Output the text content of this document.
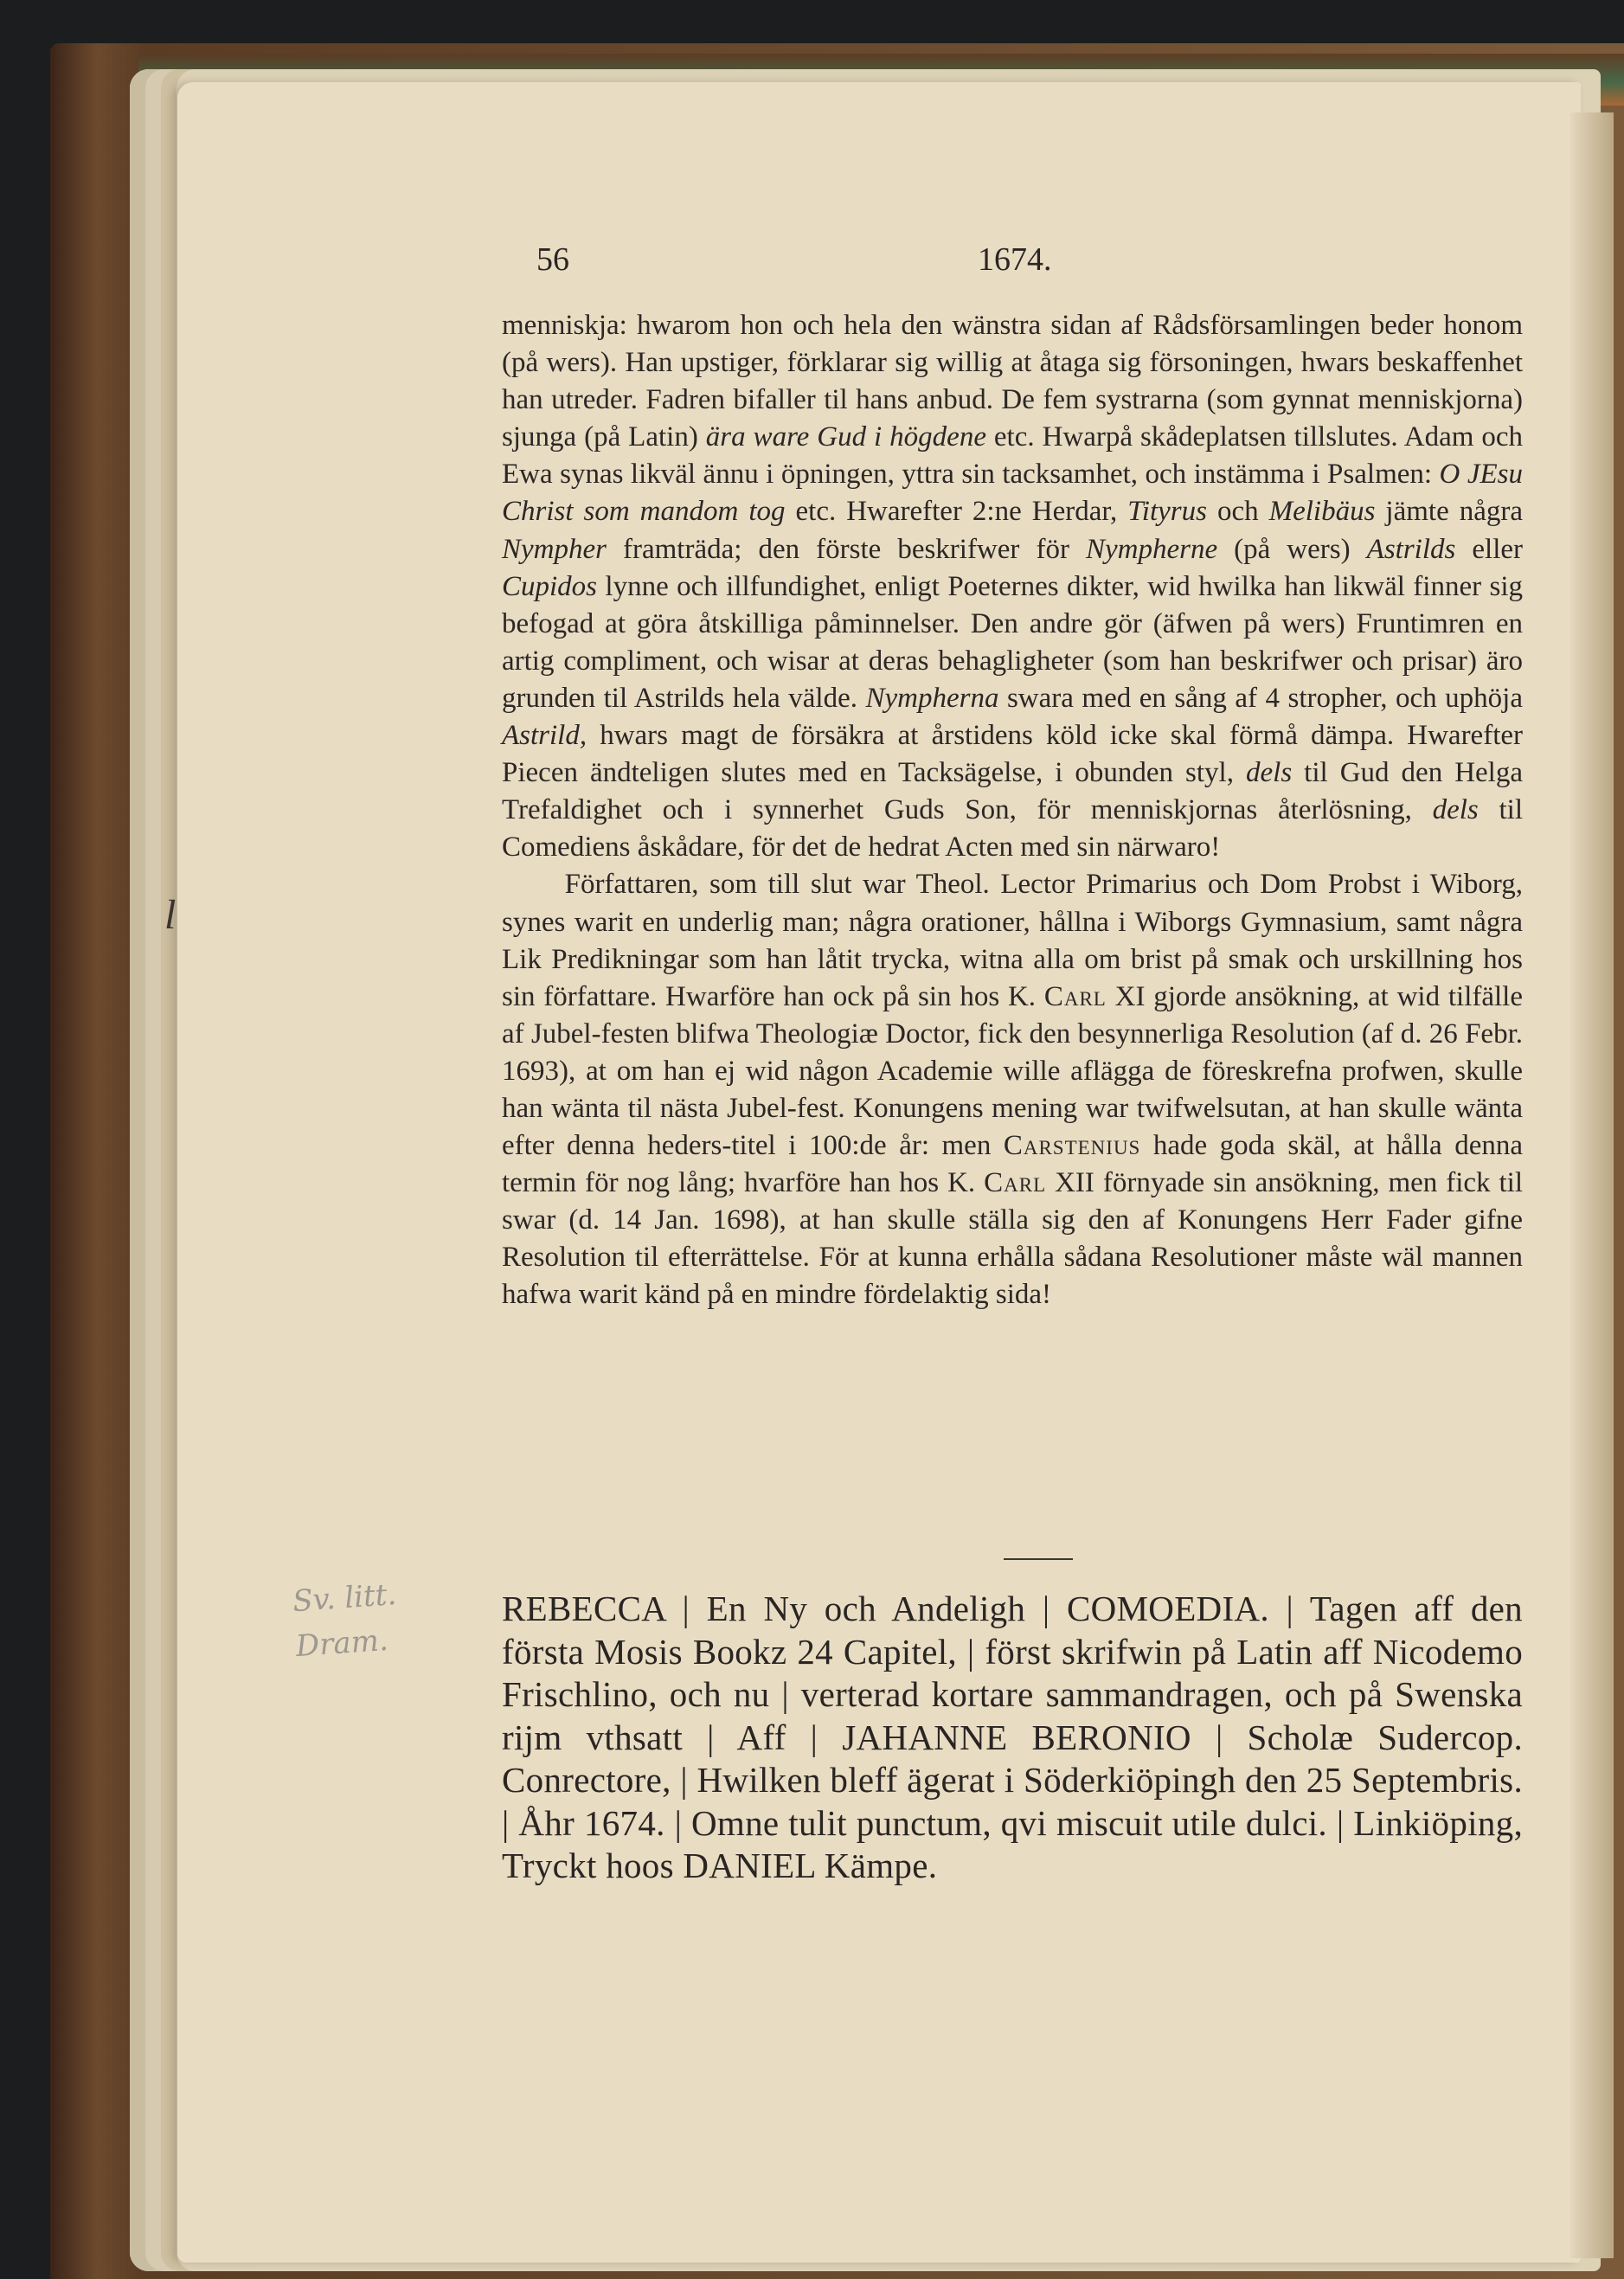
56	1674.
l

menniskja: hwarom hon och hela den wänstra sidan af Rådsförsamlingen beder honom (på wers). Han upstiger, förklarar sig willig at åtaga sig försoningen, hwars beskaffenhet han utreder. Fadren bifaller til hans anbud. De fem systrarna (som gynnat menniskjorna) sjunga (på Latin) ära ware Gud i högdene etc. Hwarpå skådeplatsen tillslutes. Adam och Ewa synas likväl ännu i öpningen, yttra sin tacksamhet, och instämma i Psalmen: O JEsu Christ som mandom tog etc. Hwarefter 2:ne Herdar, Tityrus och Melibäus jämte några Nympher framträda; den förste beskrifwer för Nympherne (på wers) Astrilds eller Cupidos lynne och illfundighet, enligt Poeternes dikter, wid hwilka han likwäl finner sig befogad at göra åtskilliga påminnelser. Den andre gör (äfwen på wers) Fruntimren en artig compliment, och wisar at deras behagligheter (som han beskrifwer och prisar) äro grunden til Astrilds hela välde. Nympherna swara med en sång af 4 stropher, och uphöja Astrild, hwars magt de försäkra at årstidens köld icke skal förmå dämpa. Hwarefter Piecen ändteligen slutes med en Tacksägelse, i obunden styl, dels til Gud den Helga Trefaldighet och i synnerhet Guds Son, för menniskjornas återlösning, dels til Comediens åskådare, för det de hedrat Acten med sin närwaro!

Författaren, som till slut war Theol. Lector Primarius och Dom Probst i Wiborg, synes warit en underlig man; några orationer, hållna i Wiborgs Gymnasium, samt några Lik Predikningar som han låtit trycka, witna alla om brist på smak och urskillning hos sin författare. Hwarföre han ock på sin hos K. Carl XI gjorde ansökning, at wid tilfälle af Jubel-festen blifwa Theologiæ Doctor, fick den besynnerliga Resolution (af d. 26 Febr. 1693), at om han ej wid någon Academie wille aflägga de föreskrefna profwen, skulle han wänta til nästa Jubel-fest. Konungens mening war twifwelsutan, at han skulle wänta efter denna heders-titel i 100:de år: men Carstenius hade goda skäl, at hålla denna termin för nog lång; hvarföre han hos K. Carl XII förnyade sin ansökning, men fick til swar (d. 14 Jan. 1698), at han skulle ställa sig den af Konungens Herr Fader gifne Resolution til efterrättelse. För at kunna erhålla sådana Resolutioner måste wäl mannen hafwa warit känd på en mindre fördelaktig sida!

REBECCA | En Ny och Andeligh | COMOEDIA. | Tagen aff den första Mosis Bookz 24 Capitel, | först skrifwin på Latin aff Nicodemo Frischlino, och nu | verterad kortare sammandragen, och på Swenska rijm vthsatt | Aff | JAHANNE BERONIO | Scholæ Sudercop. Conrectore, | Hwilken bleff ägerat i Söderkiöpingh den 25 Septembris. | Åhr 1674. | Omne tulit punctum, qvi miscuit utile dulci. | Linkiöping, Tryckt hoos DANIEL Kämpe.

Sv. litt.
Dram.
